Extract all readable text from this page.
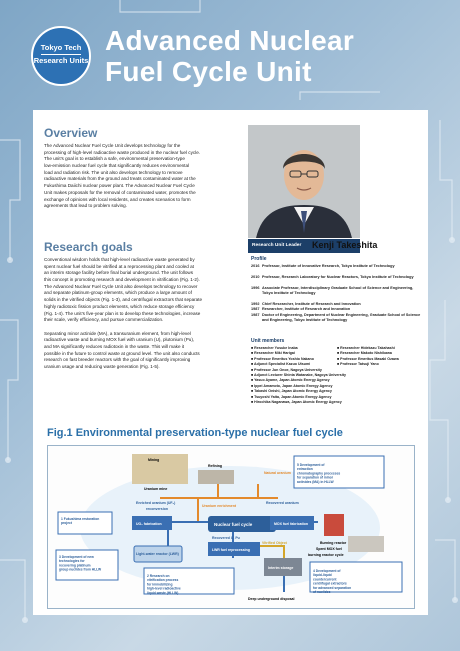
Tokyo Tech
Research Units
Advanced Nuclear
Fuel Cycle Unit
Overview
The Advanced Nuclear Fuel Cycle Unit develops technology for the
processing of high-level radioactive waste produced in the nuclear fuel cycle.
The unit’s goal is to establish a safe, environmental preservation-type
low-emission nuclear fuel cycle that significantly reduces environmental
load and radiation risk. The unit also develops technology to remove
radioactive materials from the ground and treats contaminated water at the
Fukushima Daiichi nuclear power plant. The Advanced Nuclear Fuel Cycle
Unit makes proposals for the removal of contaminated water, promotes the
exchange of opinions with local residents, and creates scenarios to form
agreements that lead to problem solving.
Research goals
Conventional wisdom holds that high-level radioactive waste generated by
spent nuclear fuel should be vitrified at a reprocessing plant and cooled at
an interim storage facility before final burial underground. The unit follows
this concept in promoting research and development in vitrification (Fig. 1-2).
The Advanced Nuclear Fuel Cycle Unit also develops technology to recover
and separate platinum-group elements, which produce a large amount of
solids in the vitrified objects (Fig. 1-3), and centrifugal extractors that separate
highly radiotoxic fission product elements, which reduce storage efficiency
(Fig. 1-4). The unit’s five-year plan is to develop these technologies, increase
their scale, verify efficiency, and pursue commercialization.
Separating minor actinide (MA), a transuranium element, from high-level
radioactive waste and burning MOX fuel with uranium (U), plutonium (Pu),
and MA significantly reduces radiotoxin in the waste. This will make it
possible in the future to control waste at ground level. The unit also conducts
research on fast breeder reactors with the goal of significantly improving
uranium usage and reducing waste generation (Fig. 1-5).
Research Unit Leader	Kenji Takeshita
Profile
2016 Professor, Institute of Innovative Research, Tokyo Institute of Technology
2010 Professor, Research Laboratory for Nuclear Reactors, Tokyo Institute of Technology
1996 Associate Professor, Interdisciplinary Graduate School of Science and Engineering, Tokyo Institute of Technology
1992 Chief Researcher, Institute of Research and Innovation
1987 Researcher, Institute of Research and Innovation
1987 Doctor of Engineering, Department of Nuclear Engineering, Graduate School of Science and Engineering, Tokyo Institute of Technology
Unit members
■ Researcher Yusuke Inaba
■ Researcher Miki Harigai
■ Professor Emeritus Yoshio Nakano
■ Adjunct Specialist Kazuo Utsumi
■ Professor Jun Onoe, Nagoya University
■ Adjunct Lecturer Shinta Watanabe, Nagoya University
■ Yasuo Ayame, Japan Atomic Energy Agency
■ Ippei Amamoto, Japan Atomic Energy Agency
■ Takashi Onishi, Japan Atomic Energy Agency
■ Tsuyoshi Yaita, Japan Atomic Energy Agency
■ Hirochika Naganawa, Japan Atomic Energy Agency
■ Researcher Hidekazu Takahashi
■ Researcher Makoto Nishikawa
■ Professor Emeritus Masaki Ozawa
■ Professor Tatsuji Yano
Fig.1 Environmental preservation-type nuclear fuel cycle
Uranium mine
Mining
Refining
Natural uranium
Enriched uranium (UF₆)
reconversion
Uranium enrichment
Recovered uranium
UO₂ fabrication	Nuclear fuel cycle	MOX fuel fabrication
Burning reactor
Spent MOX fuel
burning reactor cycle
Light-water reactor (LWR)
LWR fuel reprocessing
Recovered U, Pu
Vitrified Object
Interim storage
Deep underground disposal
1 Fukushima restoration project
3 Development of new technologies for recovering platinum group nuclides from HLLW
2 Research on vitrification process for immobilizing high-level radioactive liquid waste (HLLW)
5 Development of extraction chromatography processes for separation of minor actinides (MA) in HLLW
4 Development of liquid-liquid countercurrent centrifugal extractors for advanced separation of nuclides
